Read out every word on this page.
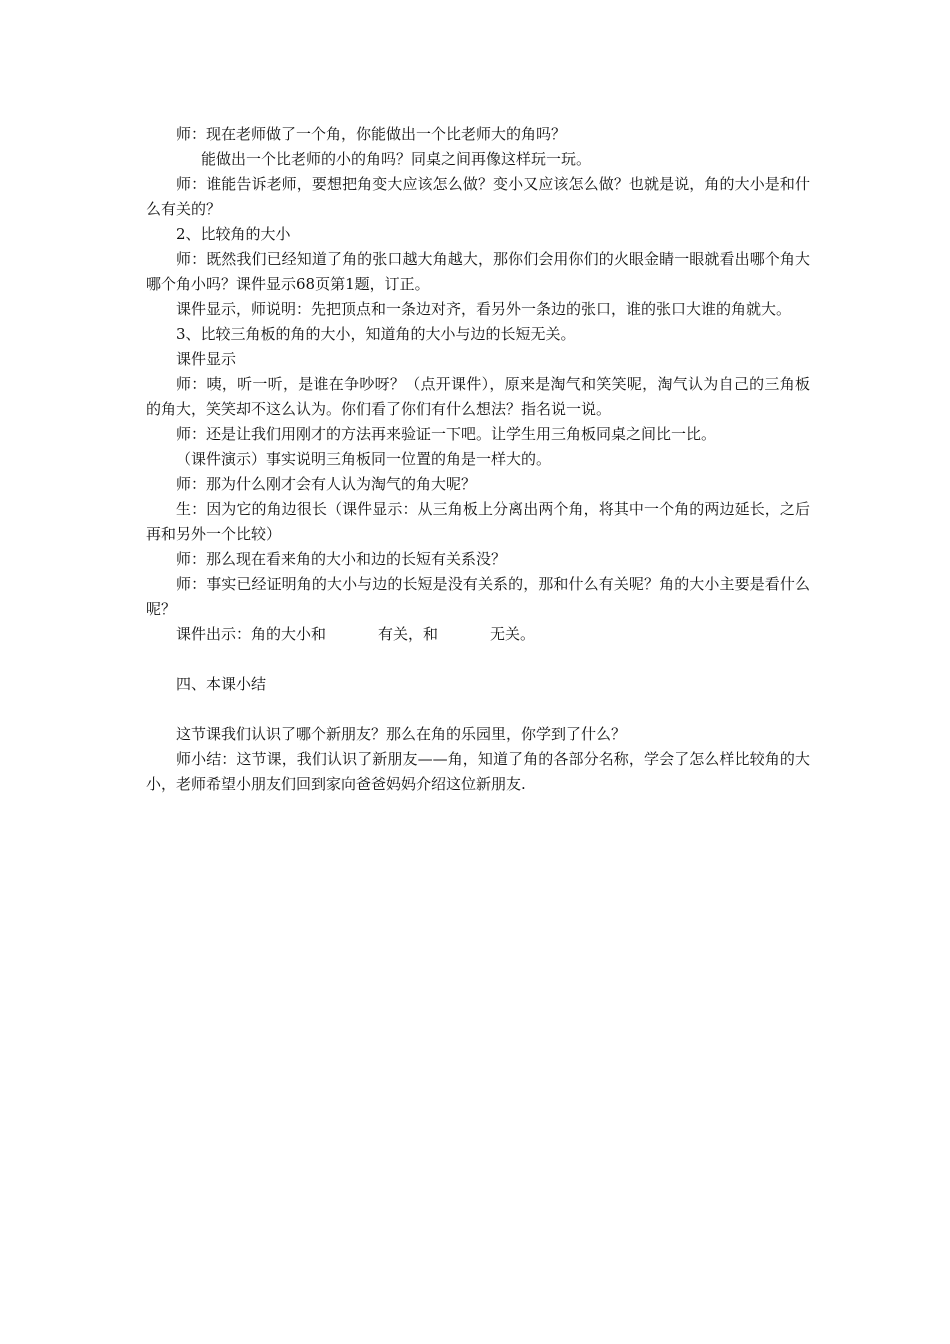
师：现在老师做了一个角，你能做出一个比老师大的角吗？

能做出一个比老师的小的角吗？同桌之间再像这样玩一玩。

师：谁能告诉老师，要想把角变大应该怎么做？变小又应该怎么做？也就是说，角的大小是和什么有关的？

2、比较角的大小

师：既然我们已经知道了角的张口越大角越大，那你们会用你们的火眼金睛一眼就看出哪个角大哪个角小吗？课件显示68页第1题，订正。

课件显示，师说明：先把顶点和一条边对齐，看另外一条边的张口，谁的张口大谁的角就大。

3、比较三角板的角的大小，知道角的大小与边的长短无关。

课件显示

师：咦，听一听，是谁在争吵呀？（点开课件），原来是淘气和笑笑呢，淘气认为自己的三角板的角大，笑笑却不这么认为。你们看了你们有什么想法？指名说一说。

师：还是让我们用刚才的方法再来验证一下吧。让学生用三角板同桌之间比一比。

（课件演示）事实说明三角板同一位置的角是一样大的。

师：那为什么刚才会有人认为淘气的角大呢？

生：因为它的角边很长（课件显示：从三角板上分离出两个角，将其中一个角的两边延长，之后再和另外一个比较）

师：那么现在看来角的大小和边的长短有关系没？

师：事实已经证明角的大小与边的长短是没有关系的，那和什么有关呢？角的大小主要是看什么呢？

课件出示：角的大小和	有关，和	无关。

四、本课小结

这节课我们认识了哪个新朋友？那么在角的乐园里，你学到了什么？

师小结：这节课，我们认识了新朋友——角，知道了角的各部分名称，学会了怎么样比较角的大小，老师希望小朋友们回到家向爸爸妈妈介绍这位新朋友.
